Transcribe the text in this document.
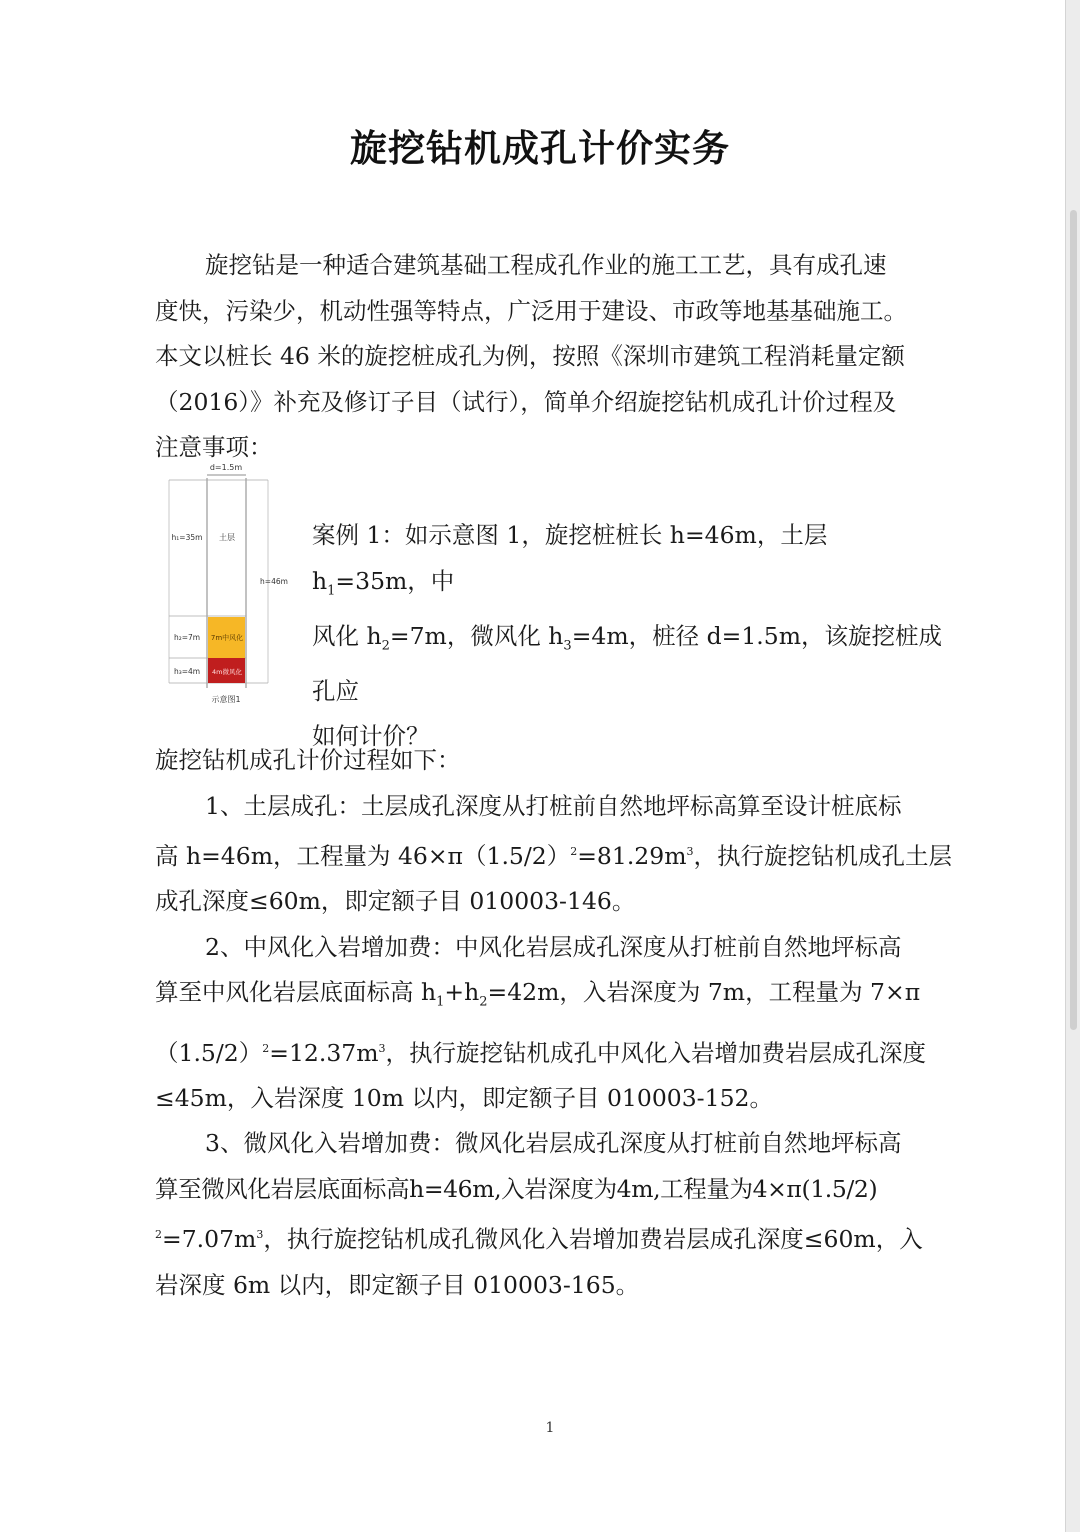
旋挖钻机成孔计价实务
旋挖钻是一种适合建筑基础工程成孔作业的施工工艺，具有成孔速
度快，污染少，机动性强等特点，广泛用于建设、市政等地基基础施工。
本文以桩长 46 米的旋挖桩成孔为例，按照《深圳市建筑工程消耗量定额
（2016）》补充及修订子目（试行），简单介绍旋挖钻机成孔计价过程及
注意事项：
d=1.5m
h₁=35m 土层
h=46m
h₂=7m 7m中风化
h₃=4m 4m微风化
示意图1
案例 1：如示意图 1，旋挖桩桩长 h=46m，土层 $h_1=35m$，中
风化 $h_2=7m$，微风化 $h_3=4m$，桩径 d=1.5m，该旋挖桩成孔应
如何计价？
旋挖钻机成孔计价过程如下：
1、土层成孔：土层成孔深度从打桩前自然地坪标高算至设计桩底标
高 h=46m，工程量为 $46\times\pi(1.5/2)^2=81.29m^3$，执行旋挖钻机成孔土层
成孔深度≤60m，即定额子目 010003-146。
2、中风化入岩增加费：中风化岩层成孔深度从打桩前自然地坪标高
算至中风化岩层底面标高 $h_1+h_2=42m$，入岩深度为 7m，工程量为 7×π
$(1.5/2)^2=12.37m^3$，执行旋挖钻机成孔中风化入岩增加费岩层成孔深度
≤45m，入岩深度 10m 以内，即定额子目 010003-152。
3、微风化入岩增加费：微风化岩层成孔深度从打桩前自然地坪标高
算至微风化岩层底面标高h=46m,入岩深度为4m,工程量为4×π(1.5/2)
$^2=7.07m^3$，执行旋挖钻机成孔微风化入岩增加费岩层成孔深度≤60m，入
岩深度 6m 以内，即定额子目 010003-165。
1
